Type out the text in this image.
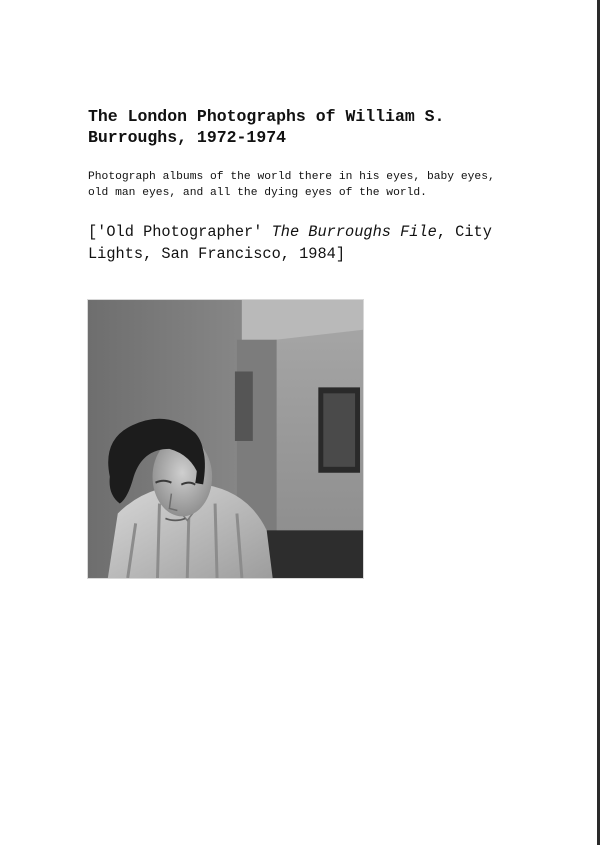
The London Photographs of William S. Burroughs, 1972-1974

Photograph albums of the world there in his eyes, baby eyes, old man eyes, and all the dying eyes of the world.

['Old Photographer' The Burroughs File, City Lights, San Francisco, 1984]
